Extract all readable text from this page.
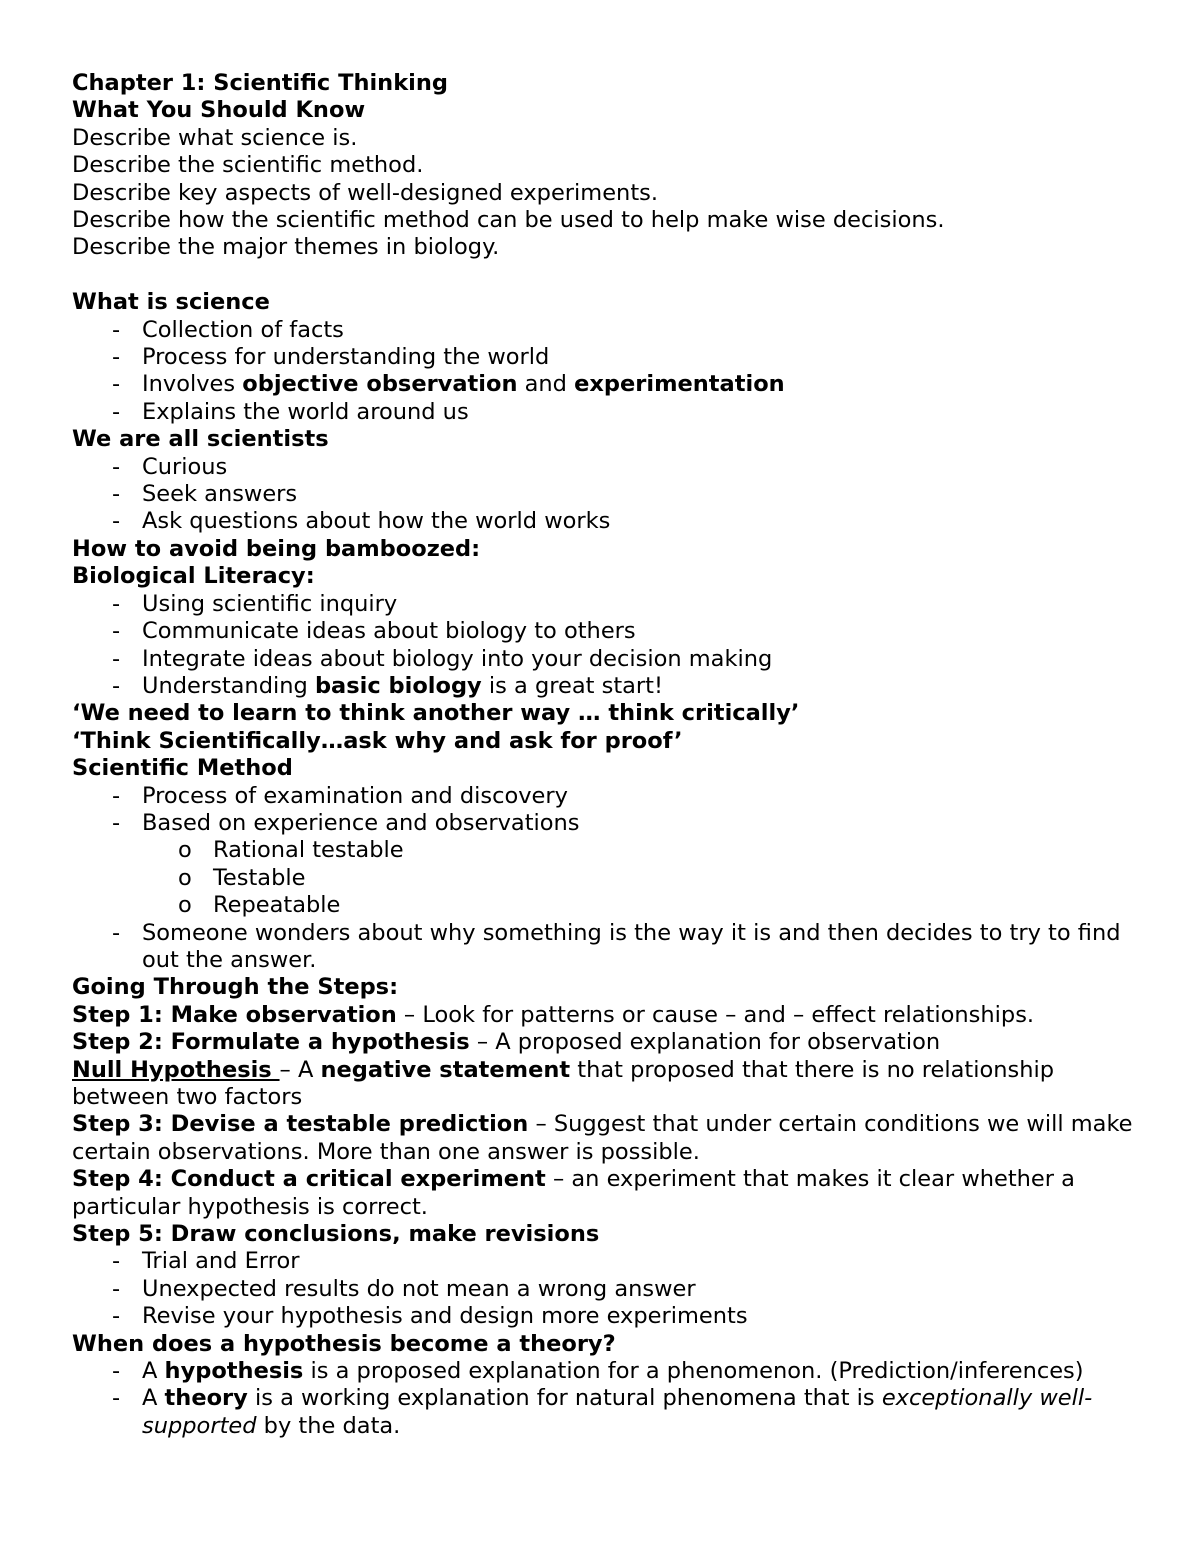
Chapter 1: Scientific Thinking
What You Should Know
Describe what science is.
Describe the scientific method.
Describe key aspects of well-designed experiments.
Describe how the scientific method can be used to help make wise decisions.
Describe the major themes in biology.
What is science
- Collection of facts
- Process for understanding the world
- Involves objective observation and experimentation
- Explains the world around us
We are all scientists
- Curious
- Seek answers
- Ask questions about how the world works
How to avoid being bamboozed:
Biological Literacy:
- Using scientific inquiry
- Communicate ideas about biology to others
- Integrate ideas about biology into your decision making
- Understanding basic biology is a great start!
‘We need to learn to think another way … think critically’
‘Think Scientifically…ask why and ask for proof’
Scientific Method
- Process of examination and discovery
- Based on experience and observations
o Rational testable
o Testable
o Repeatable
- Someone wonders about why something is the way it is and then decides to try to find out the answer.
Going Through the Steps:
Step 1: Make observation – Look for patterns or cause – and – effect relationships.
Step 2: Formulate a hypothesis – A proposed explanation for observation
Null Hypothesis – A negative statement that proposed that there is no relationship between two factors
Step 3: Devise a testable prediction – Suggest that under certain conditions we will make certain observations. More than one answer is possible.
Step 4: Conduct a critical experiment – an experiment that makes it clear whether a particular hypothesis is correct.
Step 5: Draw conclusions, make revisions
- Trial and Error
- Unexpected results do not mean a wrong answer
- Revise your hypothesis and design more experiments
When does a hypothesis become a theory?
- A hypothesis is a proposed explanation for a phenomenon. (Prediction/inferences)
- A theory is a working explanation for natural phenomena that is exceptionally well-supported by the data.
